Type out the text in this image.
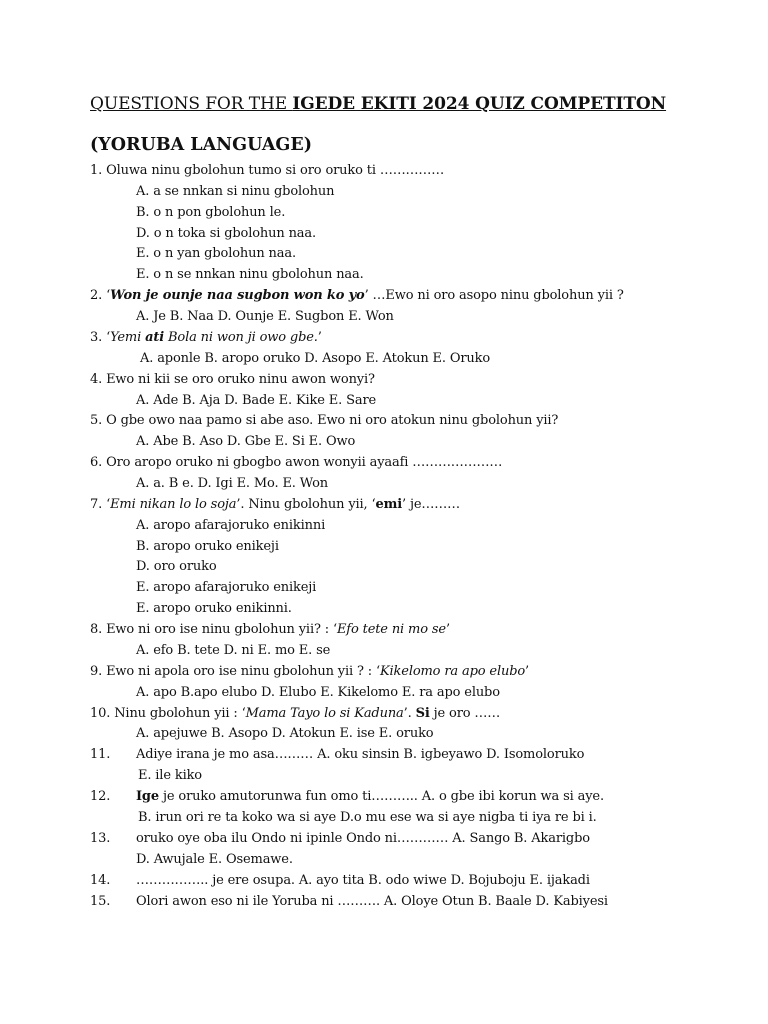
QUESTIONS FOR THE IGEDE EKITI 2024 QUIZ COMPETITON
(YORUBA LANGUAGE)
1. Oluwa ninu gbolohun tumo si oro oruko ti ……………
A. a se nnkan si ninu gbolohun
B. o n pon gbolohun le.
D. o n toka si gbolohun naa.
E. o n yan gbolohun naa.
E. o n se nnkan ninu gbolohun naa.
2. ‘Won je ounje naa sugbon won ko yo’ …Ewo ni oro asopo ninu gbolohun yii ?
A. Je B. Naa D. Ounje E. Sugbon E. Won
3. ‘Yemi ati Bola ni won ji owo gbe.’
A. aponle B. aropo oruko D. Asopo E. Atokun E. Oruko
4. Ewo ni kii se oro oruko ninu awon wonyi?
A. Ade B. Aja D. Bade E. Kike E. Sare
5. O gbe owo naa pamo si abe aso. Ewo ni oro atokun ninu gbolohun yii?
A. Abe B. Aso D. Gbe E. Si E. Owo
6. Oro aropo oruko ni gbogbo awon wonyii ayaafi …………………
A. a. B e. D. Igi E. Mo. E. Won
7. ‘Emi nikan lo lo soja’. Ninu gbolohun yii, ‘emi’ je………
A. aropo afarajoruko enikinni
B. aropo oruko enikeji
D. oro oruko
E. aropo afarajoruko enikeji
E. aropo oruko enikinni.
8. Ewo ni oro ise ninu gbolohun yii? : ‘Efo tete ni mo se’
A. efo B. tete D. ni E. mo E. se
9. Ewo ni apola oro ise ninu gbolohun yii ? : ‘Kikelomo ra apo elubo’
A. apo B.apo elubo D. Elubo E. Kikelomo E. ra apo elubo
10. Ninu gbolohun yii : ‘Mama Tayo lo si Kaduna’. Si je oro ……
A. apejuwe B. Asopo D. Atokun E. ise E. oruko
11. Adiye irana je mo asa……… A. oku sinsin B. igbeyawo D. Isomoloruko
E. ile kiko
12. Ige je oruko amutorunwa fun omo ti……….. A. o gbe ibi korun wa si aye.
B. irun ori re ta koko wa si aye D.o mu ese wa si aye nigba ti iya re bi i.
13. oruko oye oba ilu Ondo ni ipinle Ondo ni………… A. Sango B. Akarigbo
D. Awujale E. Osemawe.
14. …………….. je ere osupa. A. ayo tita B. odo wiwe D. Bojuboju E. ijakadi
15. Olori awon eso ni ile Yoruba ni ………. A. Oloye Otun B. Baale D. Kabiyesi
